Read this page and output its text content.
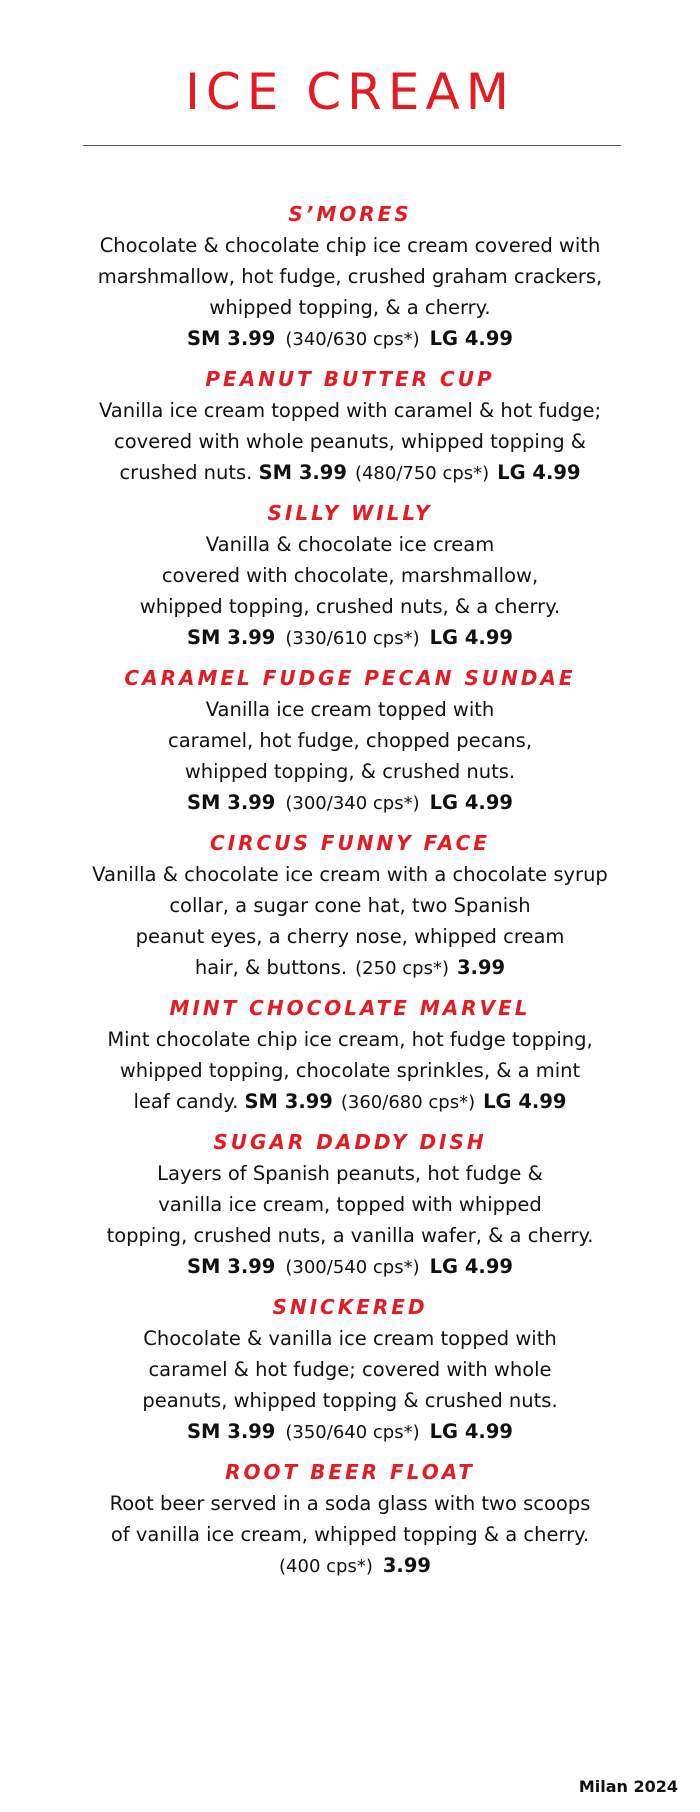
ICE CREAM
S’MORES
Chocolate & chocolate chip ice cream covered with
marshmallow, hot fudge, crushed graham crackers,
whipped topping, & a cherry.
SM 3.99 (340/630 cps*) LG 4.99
PEANUT BUTTER CUP
Vanilla ice cream topped with caramel & hot fudge;
covered with whole peanuts, whipped topping &
crushed nuts. SM 3.99 (480/750 cps*) LG 4.99
SILLY WILLY
Vanilla & chocolate ice cream
covered with chocolate, marshmallow,
whipped topping, crushed nuts, & a cherry.
SM 3.99 (330/610 cps*) LG 4.99
CARAMEL FUDGE PECAN SUNDAE
Vanilla ice cream topped with
caramel, hot fudge, chopped pecans,
whipped topping, & crushed nuts.
SM 3.99 (300/340 cps*) LG 4.99
CIRCUS FUNNY FACE
Vanilla & chocolate ice cream with a chocolate syrup
collar, a sugar cone hat, two Spanish
peanut eyes, a cherry nose, whipped cream
hair, & buttons. (250 cps*) 3.99
MINT CHOCOLATE MARVEL
Mint chocolate chip ice cream, hot fudge topping,
whipped topping, chocolate sprinkles, & a mint
leaf candy. SM 3.99 (360/680 cps*) LG 4.99
SUGAR DADDY DISH
Layers of Spanish peanuts, hot fudge &
vanilla ice cream, topped with whipped
topping, crushed nuts, a vanilla wafer, & a cherry.
SM 3.99 (300/540 cps*) LG 4.99
SNICKERED
Chocolate & vanilla ice cream topped with
caramel & hot fudge; covered with whole
peanuts, whipped topping & crushed nuts.
SM 3.99 (350/640 cps*) LG 4.99
ROOT BEER FLOAT
Root beer served in a soda glass with two scoops
of vanilla ice cream, whipped topping & a cherry.
(400 cps*) 3.99
Milan 2024
